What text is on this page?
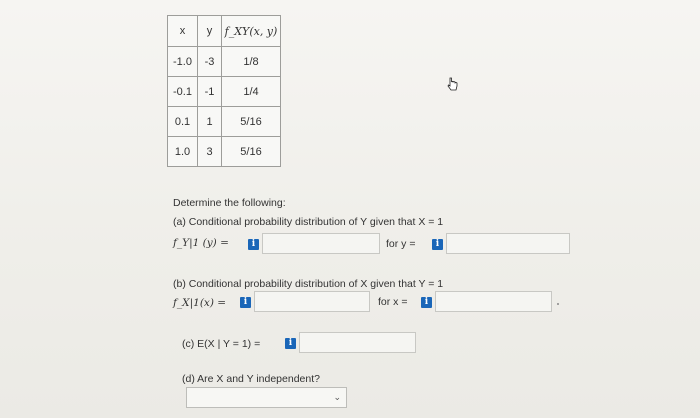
x	y	f_XY(x, y)
-1.0	-3	1/8
-0.1	-1	1/4
0.1	1	5/16
1.0	3	5/16
Determine the following:
(a) Conditional probability distribution of Y given that X = 1
f_Y|1 (y) =	i	for y =	i
(b) Conditional probability distribution of X given that Y = 1
f_X|1(x) =	i	for x =	i
(c) E(X | Y = 1) =	i
(d) Are X and Y independent?
⌄
